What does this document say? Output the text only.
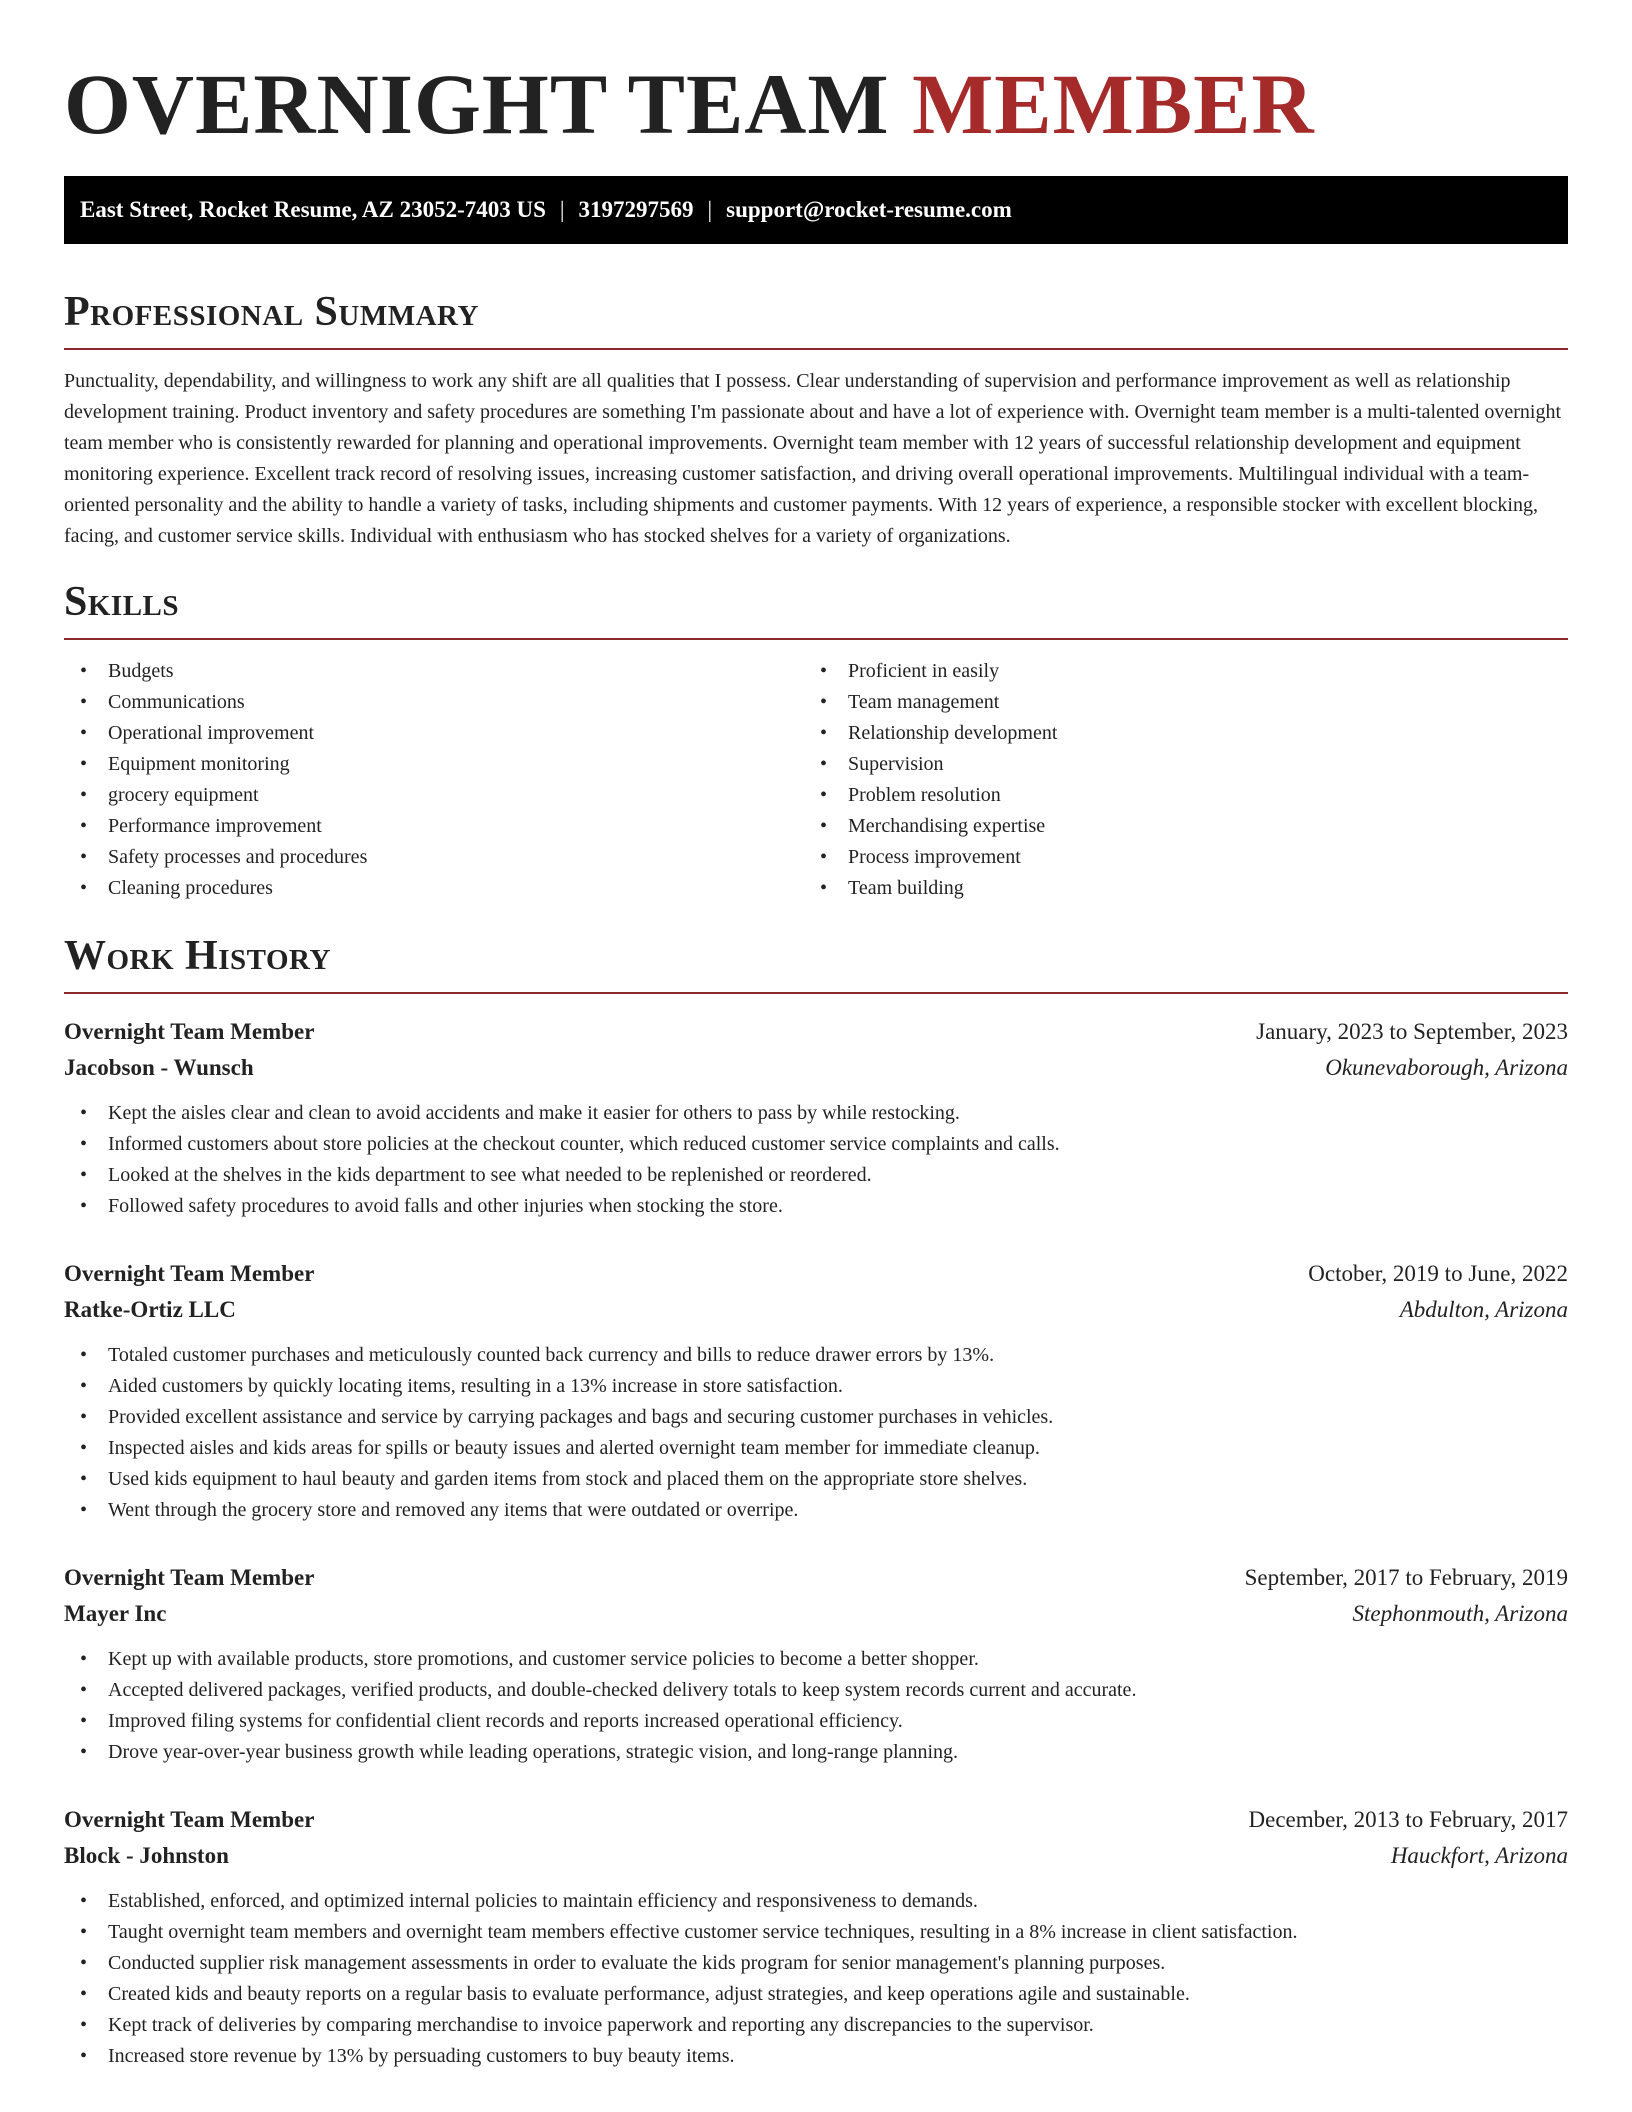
OVERNIGHT TEAM MEMBER
East Street, Rocket Resume, AZ 23052-7403 US | 3197297569 | support@rocket-resume.com
Professional Summary

Punctuality, dependability, and willingness to work any shift are all qualities that I possess. Clear understanding of supervision and performance improvement as well as relationship development training. Product inventory and safety procedures are something I'm passionate about and have a lot of experience with. Overnight team member is a multi-talented overnight team member who is consistently rewarded for planning and operational improvements. Overnight team member with 12 years of successful relationship development and equipment monitoring experience. Excellent track record of resolving issues, increasing customer satisfaction, and driving overall operational improvements. Multilingual individual with a team-oriented personality and the ability to handle a variety of tasks, including shipments and customer payments. With 12 years of experience, a responsible stocker with excellent blocking, facing, and customer service skills. Individual with enthusiasm who has stocked shelves for a variety of organizations.

Skills
• Budgets
• Communications
• Operational improvement
• Equipment monitoring
• grocery equipment
• Performance improvement
• Safety processes and procedures
• Cleaning procedures
• Proficient in easily
• Team management
• Relationship development
• Supervision
• Problem resolution
• Merchandising expertise
• Process improvement
• Team building
Work History
Overnight Team Member	January, 2023 to September, 2023
Jacobson - Wunsch	Okunevaborough, Arizona
• Kept the aisles clear and clean to avoid accidents and make it easier for others to pass by while restocking.
• Informed customers about store policies at the checkout counter, which reduced customer service complaints and calls.
• Looked at the shelves in the kids department to see what needed to be replenished or reordered.
• Followed safety procedures to avoid falls and other injuries when stocking the store.
Overnight Team Member	October, 2019 to June, 2022
Ratke-Ortiz LLC	Abdulton, Arizona
• Totaled customer purchases and meticulously counted back currency and bills to reduce drawer errors by 13%.
• Aided customers by quickly locating items, resulting in a 13% increase in store satisfaction.
• Provided excellent assistance and service by carrying packages and bags and securing customer purchases in vehicles.
• Inspected aisles and kids areas for spills or beauty issues and alerted overnight team member for immediate cleanup.
• Used kids equipment to haul beauty and garden items from stock and placed them on the appropriate store shelves.
• Went through the grocery store and removed any items that were outdated or overripe.
Overnight Team Member	September, 2017 to February, 2019
Mayer Inc	Stephonmouth, Arizona
• Kept up with available products, store promotions, and customer service policies to become a better shopper.
• Accepted delivered packages, verified products, and double-checked delivery totals to keep system records current and accurate.
• Improved filing systems for confidential client records and reports increased operational efficiency.
• Drove year-over-year business growth while leading operations, strategic vision, and long-range planning.
Overnight Team Member	December, 2013 to February, 2017
Block - Johnston	Hauckfort, Arizona
• Established, enforced, and optimized internal policies to maintain efficiency and responsiveness to demands.
• Taught overnight team members and overnight team members effective customer service techniques, resulting in a 8% increase in client satisfaction.
• Conducted supplier risk management assessments in order to evaluate the kids program for senior management's planning purposes.
• Created kids and beauty reports on a regular basis to evaluate performance, adjust strategies, and keep operations agile and sustainable.
• Kept track of deliveries by comparing merchandise to invoice paperwork and reporting any discrepancies to the supervisor.
• Increased store revenue by 13% by persuading customers to buy beauty items.
